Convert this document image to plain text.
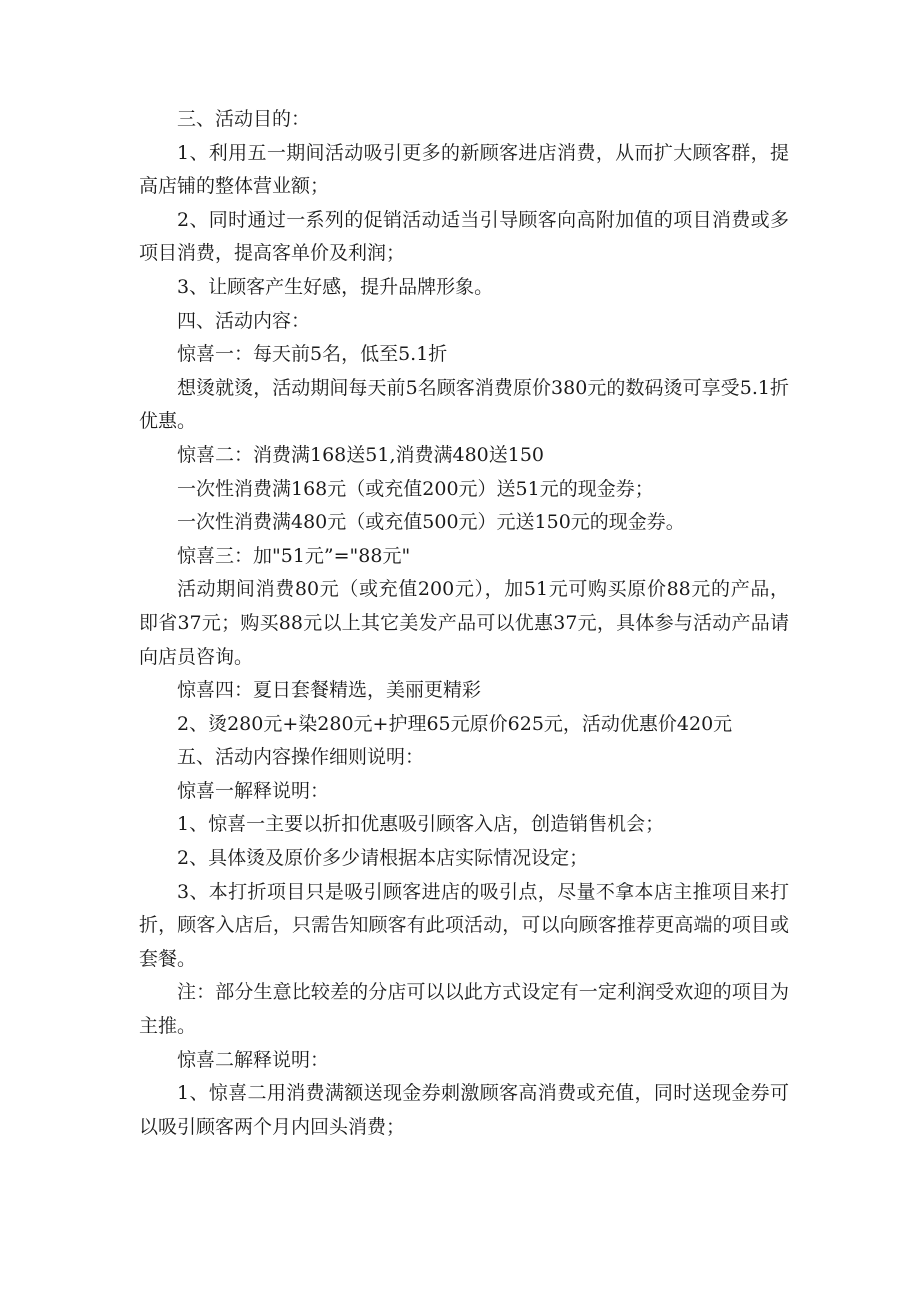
三、活动目的：

1、利用五一期间活动吸引更多的新顾客进店消费，从而扩大顾客群，提高店铺的整体营业额；

2、同时通过一系列的促销活动适当引导顾客向高附加值的项目消费或多项目消费，提高客单价及利润；

3、让顾客产生好感，提升品牌形象。

四、活动内容：

惊喜一：每天前5名，低至5.1折

想烫就烫，活动期间每天前5名顾客消费原价380元的数码烫可享受5.1折优惠。

惊喜二：消费满168送51,消费满480送150

一次性消费满168元（或充值200元）送51元的现金券；

一次性消费满480元（或充值500元）元送150元的现金券。

惊喜三：加"51元”="88元"

活动期间消费80元（或充值200元），加51元可购买原价88元的产品，即省37元；购买88元以上其它美发产品可以优惠37元，具体参与活动产品请向店员咨询。

惊喜四：夏日套餐精选，美丽更精彩

2、烫280元+染280元+护理65元原价625元，活动优惠价420元

五、活动内容操作细则说明：

惊喜一解释说明：

1、惊喜一主要以折扣优惠吸引顾客入店，创造销售机会；

2、具体烫及原价多少请根据本店实际情况设定；

3、本打折项目只是吸引顾客进店的吸引点，尽量不拿本店主推项目来打折，顾客入店后，只需告知顾客有此项活动，可以向顾客推荐更高端的项目或套餐。

注：部分生意比较差的分店可以以此方式设定有一定利润受欢迎的项目为主推。

惊喜二解释说明：

1、惊喜二用消费满额送现金券刺激顾客高消费或充值，同时送现金券可以吸引顾客两个月内回头消费；
